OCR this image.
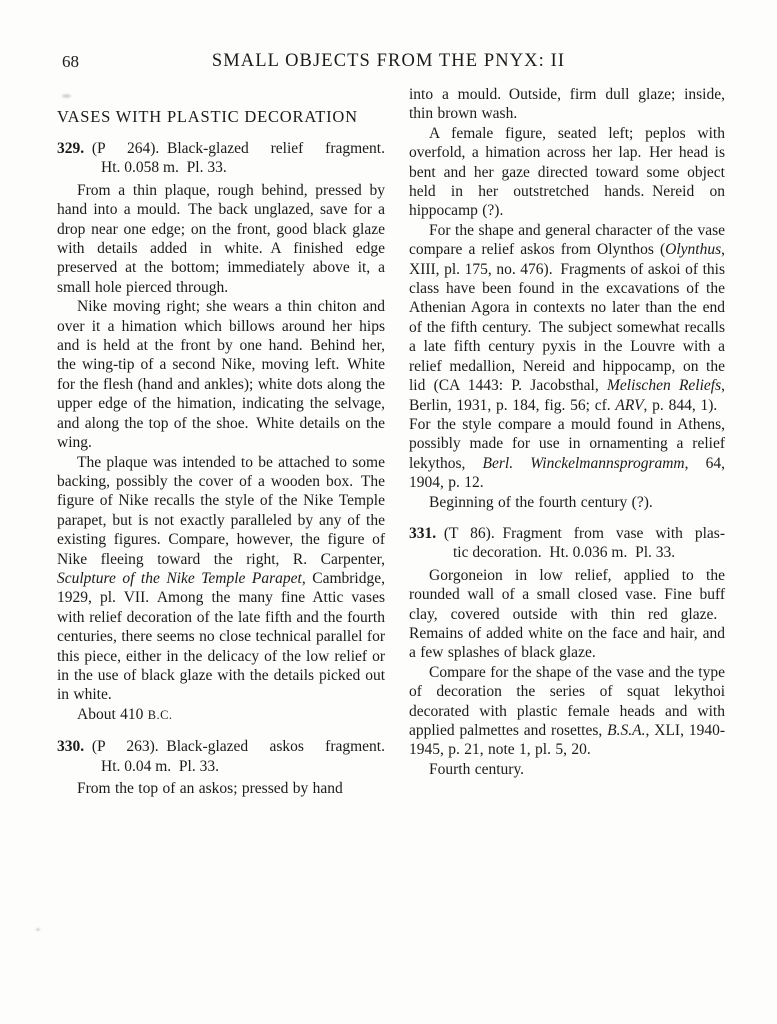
68	SMALL OBJECTS FROM THE PNYX: II
VASES WITH PLASTIC DECORATION
329. (P 264). Black-glazed relief fragment.
Ht. 0.058 m. Pl. 33.

From a thin plaque, rough behind, pressed by hand into a mould. The back unglazed, save for a drop near one edge; on the front, good black glaze with details added in white. A finished edge preserved at the bottom; immediately above it, a small hole pierced through.

Nike moving right; she wears a thin chiton and over it a himation which billows around her hips and is held at the front by one hand. Behind her, the wing-tip of a second Nike, moving left. White for the flesh (hand and ankles); white dots along the upper edge of the himation, indicating the selvage, and along the top of the shoe. White details on the wing.

The plaque was intended to be attached to some backing, possibly the cover of a wooden box. The figure of Nike recalls the style of the Nike Temple parapet, but is not exactly paralleled by any of the existing figures. Compare, however, the figure of Nike fleeing toward the right, R. Carpenter, Sculpture of the Nike Temple Parapet, Cambridge, 1929, pl. VII. Among the many fine Attic vases with relief decoration of the late fifth and the fourth centuries, there seems no close technical parallel for this piece, either in the delicacy of the low relief or in the use of black glaze with the details picked out in white.

About 410 B.C.

330. (P 263). Black-glazed askos fragment.
Ht. 0.04 m. Pl. 33.

From the top of an askos; pressed by hand

into a mould. Outside, firm dull glaze; inside, thin brown wash.

A female figure, seated left; peplos with overfold, a himation across her lap. Her head is bent and her gaze directed toward some object held in her outstretched hands. Nereid on hippocamp (?).

For the shape and general character of the vase compare a relief askos from Olynthos (Olynthus, XIII, pl. 175, no. 476). Fragments of askoi of this class have been found in the excavations of the Athenian Agora in contexts no later than the end of the fifth century. The subject somewhat recalls a late fifth century pyxis in the Louvre with a relief medallion, Nereid and hippocamp, on the lid (CA 1443: P. Jacobsthal, Melischen Reliefs, Berlin, 1931, p. 184, fig. 56; cf. ARV, p. 844, 1). For the style compare a mould found in Athens, possibly made for use in ornamenting a relief lekythos, Berl. Winckelmannsprogramm, 64, 1904, p. 12.

Beginning of the fourth century (?).

331. (T 86). Fragment from vase with plas-
tic decoration. Ht. 0.036 m. Pl. 33.

Gorgoneion in low relief, applied to the rounded wall of a small closed vase. Fine buff clay, covered outside with thin red glaze. Remains of added white on the face and hair, and a few splashes of black glaze.

Compare for the shape of the vase and the type of decoration the series of squat lekythoi decorated with plastic female heads and with applied palmettes and rosettes, B.S.A., XLI, 1940-1945, p. 21, note 1, pl. 5, 20.

Fourth century.
